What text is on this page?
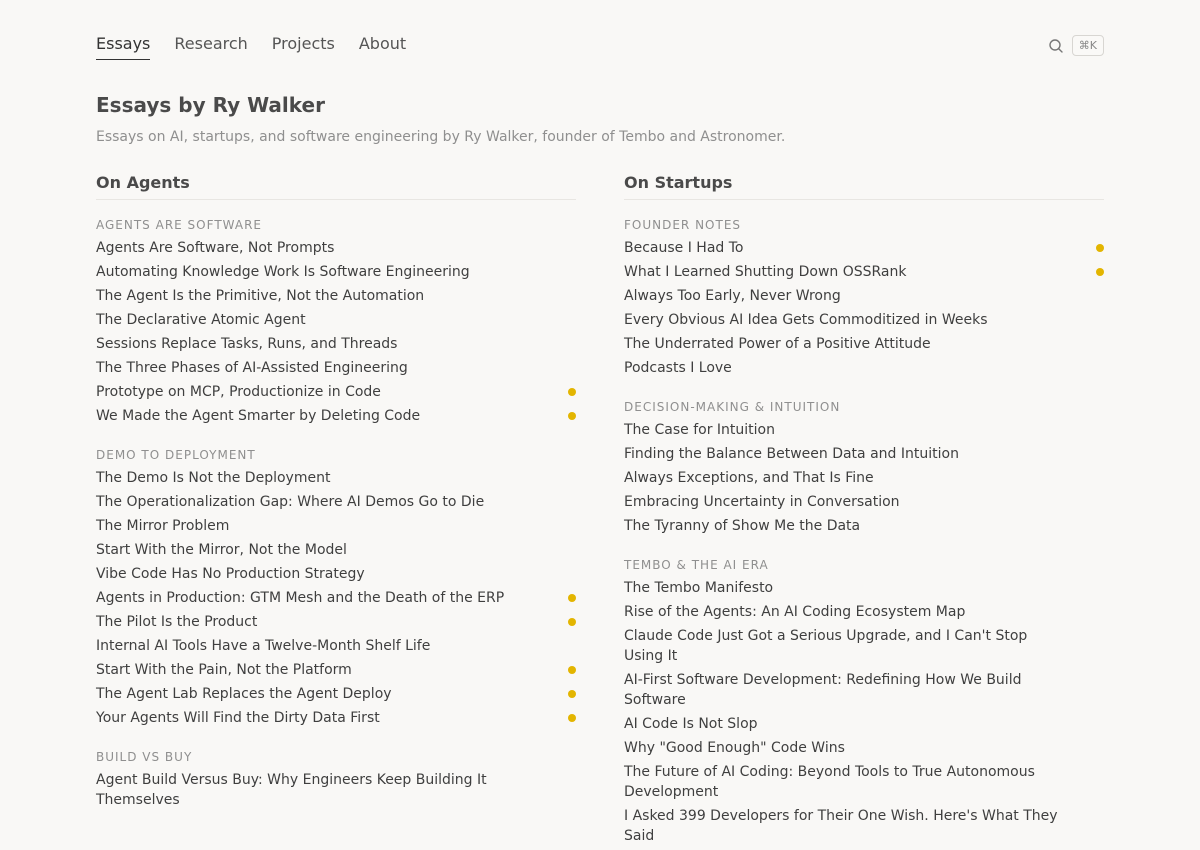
Essays Research Projects About	⌘K
Essays by Ry Walker

Essays on AI, startups, and software engineering by Ry Walker, founder of Tembo and Astronomer.

On Agents
AGENTS ARE SOFTWARE
Agents Are Software, Not Prompts
Automating Knowledge Work Is Software Engineering
The Agent Is the Primitive, Not the Automation
The Declarative Atomic Agent
Sessions Replace Tasks, Runs, and Threads
The Three Phases of AI-Assisted Engineering
Prototype on MCP, Productionize in Code
We Made the Agent Smarter by Deleting Code
DEMO TO DEPLOYMENT
The Demo Is Not the Deployment
The Operationalization Gap: Where AI Demos Go to Die
The Mirror Problem
Start With the Mirror, Not the Model
Vibe Code Has No Production Strategy
Agents in Production: GTM Mesh and the Death of the ERP
The Pilot Is the Product
Internal AI Tools Have a Twelve-Month Shelf Life
Start With the Pain, Not the Platform
The Agent Lab Replaces the Agent Deploy
Your Agents Will Find the Dirty Data First
BUILD VS BUY
Agent Build Versus Buy: Why Engineers Keep Building It Themselves
On Startups
FOUNDER NOTES
Because I Had To
What I Learned Shutting Down OSSRank
Always Too Early, Never Wrong
Every Obvious AI Idea Gets Commoditized in Weeks
The Underrated Power of a Positive Attitude
Podcasts I Love
DECISION-MAKING & INTUITION
The Case for Intuition
Finding the Balance Between Data and Intuition
Always Exceptions, and That Is Fine
Embracing Uncertainty in Conversation
The Tyranny of Show Me the Data
TEMBO & THE AI ERA
The Tembo Manifesto
Rise of the Agents: An AI Coding Ecosystem Map
Claude Code Just Got a Serious Upgrade, and I Can't Stop Using It
AI-First Software Development: Redefining How We Build Software
AI Code Is Not Slop
Why "Good Enough" Code Wins
The Future of AI Coding: Beyond Tools to True Autonomous Development
I Asked 399 Developers for Their One Wish. Here's What They Said
